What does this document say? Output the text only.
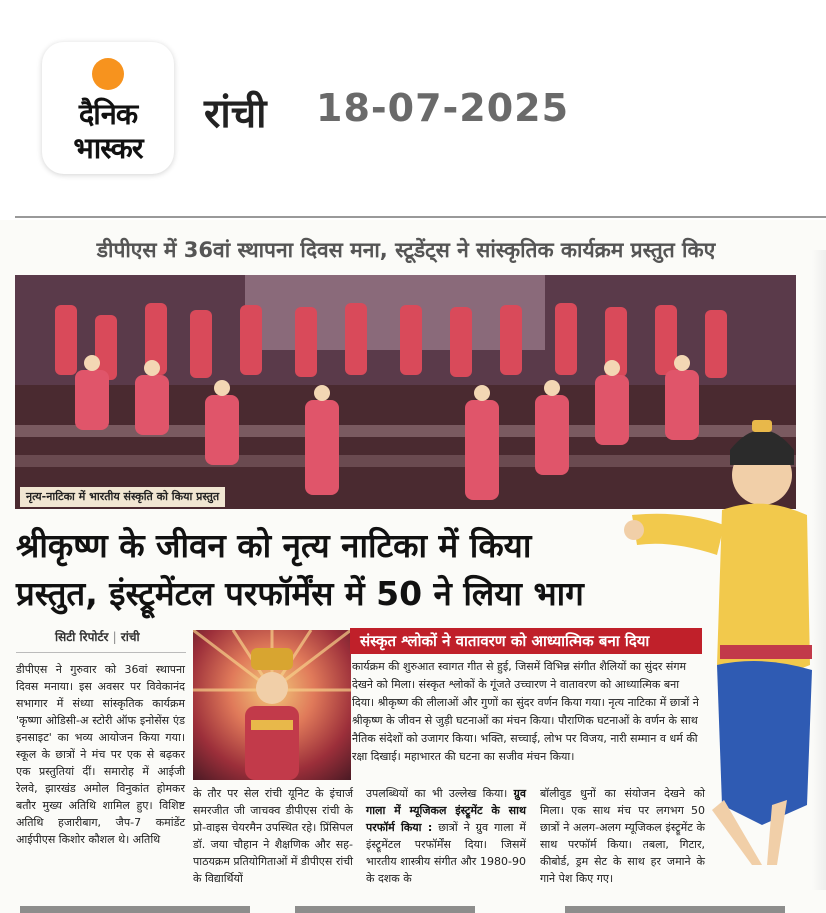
दैनिक
भास्कर
रांची 18-07-2025
डीपीएस में 36वां स्थापना दिवस मना, स्टूडेंट्स ने सांस्कृतिक कार्यक्रम प्रस्तुत किए
नृत्य-नाटिका में भारतीय संस्कृति को किया प्रस्तुत
श्रीकृष्ण के जीवन को नृत्य नाटिका में किया
प्रस्तुत, इंस्ट्रूमेंटल परफॉर्मेंस में 50 ने लिया भाग
सिटी रिपोर्टर | रांची
डीपीएस ने गुरुवार को 36वां स्थापना दिवस मनाया। इस अवसर पर विवेकानंद सभागार में संध्या सांस्कृतिक कार्यक्रम 'कृष्णा ओडिसी-अ स्टोरी ऑफ इनोसेंस एंड इनसाइट' का भव्य आयोजन किया गया। स्कूल के छात्रों ने मंच पर एक से बढ़कर एक प्रस्तुतियां दीं। समारोह में आईजी रेलवे, झारखंड अमोल विनुकांत होमकर बतौर मुख्य अतिथि शामिल हुए। विशिष्ट अतिथि हजारीबाग, जैप-7 कमांडेंट आईपीएस किशोर कौशल थे। अतिथि
संस्कृत श्लोकों ने वातावरण को आध्यात्मिक बना दिया
कार्यक्रम की शुरुआत स्वागत गीत से हुई, जिसमें विभिन्न संगीत शैलियों का सुंदर संगम देखने को मिला। संस्कृत श्लोकों के गूंजते उच्चारण ने वातावरण को आध्यात्मिक बना दिया। श्रीकृष्ण की लीलाओं और गुणों का सुंदर वर्णन किया गया। नृत्य नाटिका में छात्रों ने श्रीकृष्ण के जीवन से जुड़ी घटनाओं का मंचन किया। पौराणिक घटनाओं के वर्णन के साथ नैतिक संदेशों को उजागर किया। भक्ति, सच्चाई, लोभ पर विजय, नारी सम्मान व धर्म की रक्षा दिखाई। महाभारत की घटना का सजीव मंचन किया।
के तौर पर सेल रांची यूनिट के इंचार्ज समरजीत जी जाचक्व डीपीएस रांची के प्रो-वाइस चेयरमैन उपस्थित रहे। प्रिंसिपल डॉ. जया चौहान ने शैक्षणिक और सह-पाठयक्रम प्रतियोगिताओं में डीपीएस रांची के विद्यार्थियों
उपलब्धियों का भी उल्लेख किया। ग्रुव गाला में म्यूजिकल इंस्ट्रूमेंट के साथ परफॉर्म किया : छात्रों ने ग्रुव गाला में इंस्ट्रूमेंटल परफॉर्मेंस दिया। जिसमें भारतीय शास्त्रीय संगीत और 1980-90 के दशक के
बॉलीवुड धुनों का संयोजन देखने को मिला। एक साथ मंच पर लगभग 50 छात्रों ने अलग-अलग म्यूजिकल इंस्ट्रूमेंट के साथ परफॉर्म किया। तबला, गिटार, कीबोर्ड, ड्रम सेट के साथ हर जमाने के गाने पेश किए गए।
